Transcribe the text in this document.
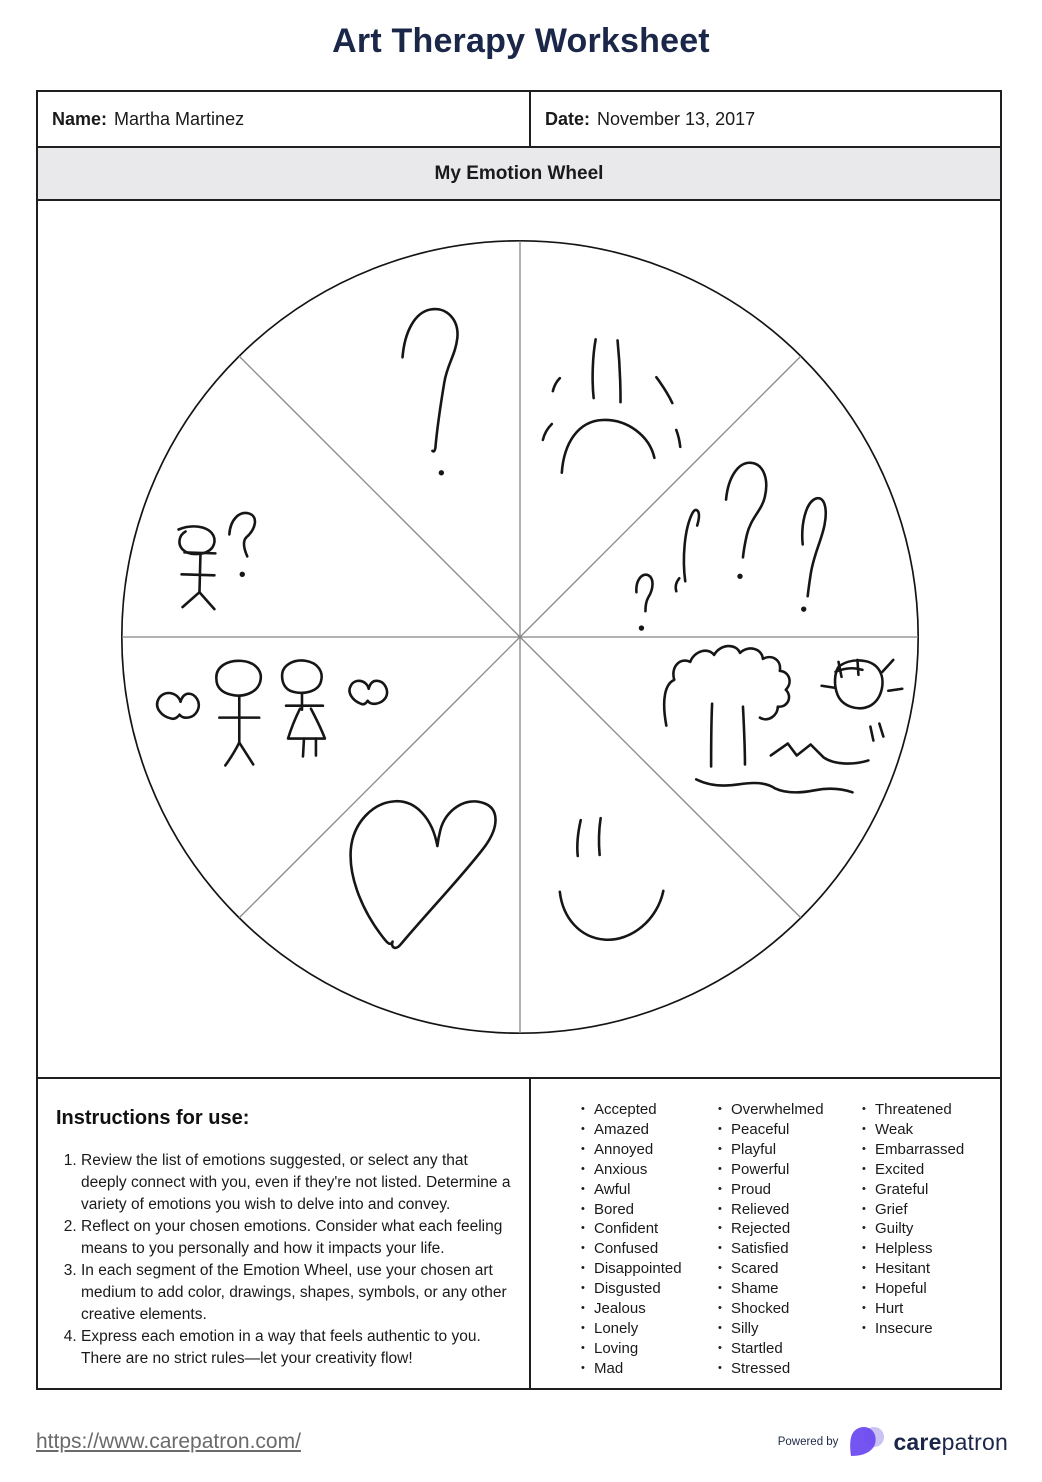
Art Therapy Worksheet
Name: Martha Martinez	Date: November 13, 2017
My Emotion Wheel
Instructions for use:
1. Review the list of emotions suggested, or select any that deeply connect with you, even if they're not listed. Determine a variety of emotions you wish to delve into and convey.
2. Reflect on your chosen emotions. Consider what each feeling means to you personally and how it impacts your life.
3. In each segment of the Emotion Wheel, use your chosen art medium to add color, drawings, shapes, symbols, or any other creative elements.
4. Express each emotion in a way that feels authentic to you. There are no strict rules—let your creativity flow!
• Accepted
• Amazed
• Annoyed
• Anxious
• Awful
• Bored
• Confident
• Confused
• Disappointed
• Disgusted
• Jealous
• Lonely
• Loving
• Mad
• Overwhelmed
• Peaceful
• Playful
• Powerful
• Proud
• Relieved
• Rejected
• Satisfied
• Scared
• Shame
• Shocked
• Silly
• Startled
• Stressed
• Threatened
• Weak
• Embarrassed
• Excited
• Grateful
• Grief
• Guilty
• Helpless
• Hesitant
• Hopeful
• Hurt
• Insecure
https://www.carepatron.com/	Powered by carepatron
